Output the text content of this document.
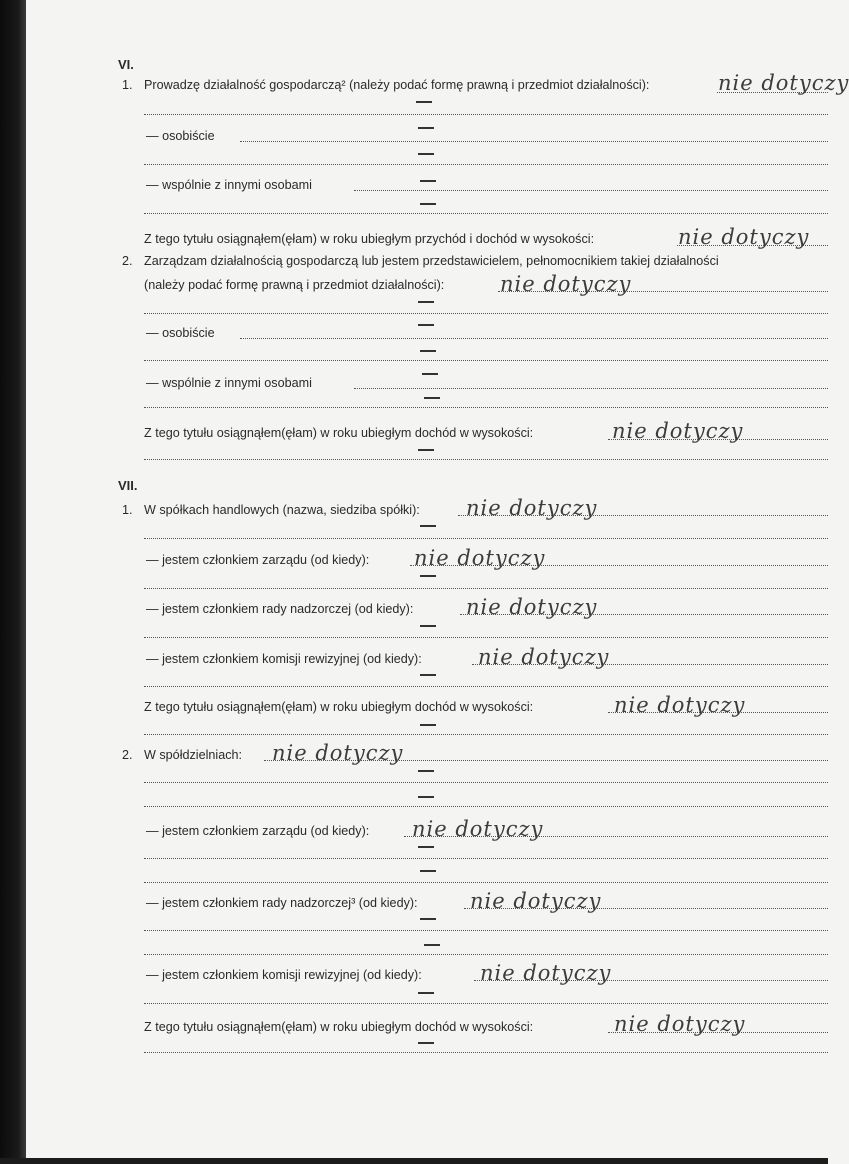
VI.
1. Prowadzę działalność gospodarczą² (należy podać formę prawną i przedmiot działalności):	nie dotyczy
— osobiście
— wspólnie z innymi osobami
Z tego tytułu osiągnąłem(ęłam) w roku ubiegłym przychód i dochód w wysokości:	nie dotyczy
2. Zarządzam działalnością gospodarczą lub jestem przedstawicielem, pełnomocnikiem takiej działalności
(należy podać formę prawną i przedmiot działalności):	nie dotyczy
— osobiście
— wspólnie z innymi osobami
Z tego tytułu osiągnąłem(ęłam) w roku ubiegłym dochód w wysokości:	nie dotyczy
VII.
1. W spółkach handlowych (nazwa, siedziba spółki): nie dotyczy
— jestem członkiem zarządu (od kiedy): nie dotyczy
— jestem członkiem rady nadzorczej (od kiedy):	nie dotyczy
— jestem członkiem komisji rewizyjnej (od kiedy):	nie dotyczy
Z tego tytułu osiągnąłem(ęłam) w roku ubiegłym dochód w wysokości:	nie dotyczy
2. W spółdzielniach: nie dotyczy
— jestem członkiem zarządu (od kiedy): nie dotyczy
— jestem członkiem rady nadzorczej³ (od kiedy): nie dotyczy
— jestem członkiem komisji rewizyjnej (od kiedy):	nie dotyczy
Z tego tytułu osiągnąłem(ęłam) w roku ubiegłym dochód w wysokości:	nie dotyczy
